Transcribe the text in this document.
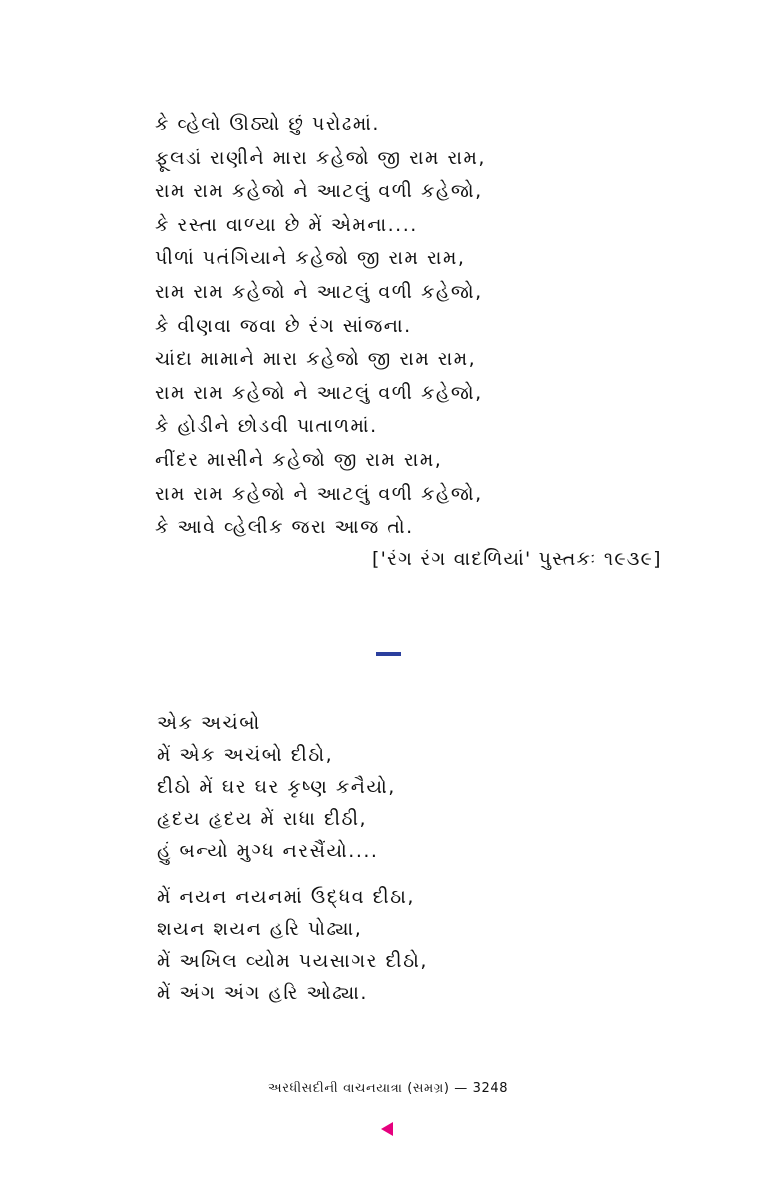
કે વ્હેલો ઊઠ્યો છું પરોઢમાં.
ફૂલડાં રાણીને મારા કહેજો જી રામ રામ,
રામ રામ કહેજો ને આટલું વળી કહેજો,
કે રસ્તા વાળ્યા છે મેં એમના....
પીળાં પતંગિયાને કહેજો જી રામ રામ,
રામ રામ કહેજો ને આટલું વળી કહેજો,
કે વીણવા જવા છે રંગ સાંજના.
ચાંદા મામાને મારા કહેજો જી રામ રામ,
રામ રામ કહેજો ને આટલું વળી કહેજો,
કે હોડીને છોડવી પાતાળમાં.
નીંદર માસીને કહેજો જી રામ રામ,
રામ રામ કહેજો ને આટલું વળી કહેજો,
કે આવે વ્હેલીક જરા આજ તો.
['રંગ રંગ વાદળિયાં' પુસ્તકઃ ૧૯૩૯]
એક અચંબો
મેં એક અચંબો દીઠો,
દીઠો મેં ઘર ઘર કૃષ્ણ કનૈયો,
હૃદય હૃદય મેં રાધા દીઠી,
હું બન્યો મુગ્ધ નરસૈંયો....
મેં નયન નયનમાં ઉદ્ધવ દીઠા,
શયન શયન હરિ પોઢ્યા,
મેં અખિલ વ્યોમ પયસાગર દીઠો,
મેં અંગ અંગ હરિ ઓઢ્યા.
અરધીસદીની વાચનયાત્રા (સમગ્ર) — 3248
